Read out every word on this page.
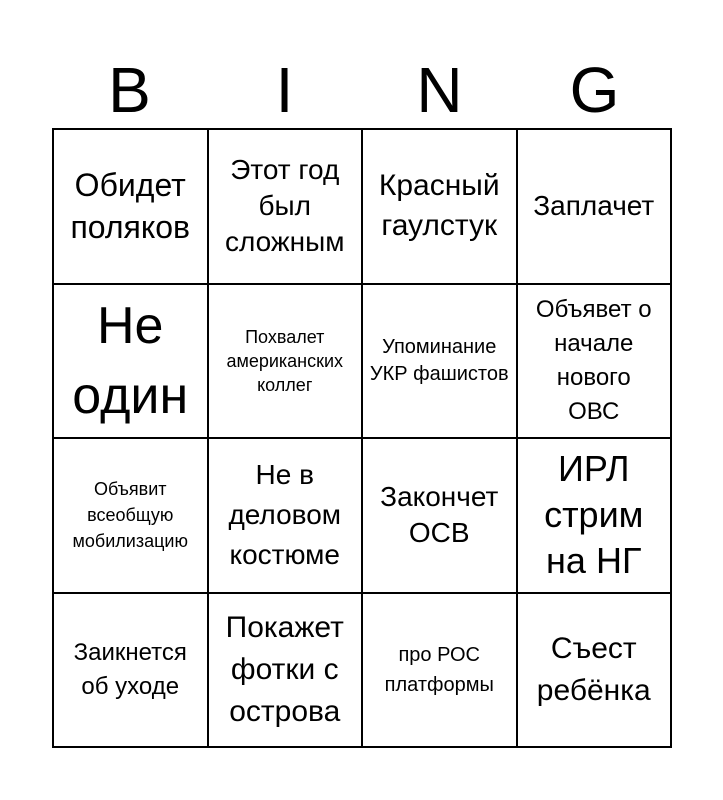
B	I	N	G
Обидет поляков
Этот год был сложным
Красный гаулстук
Заплачет
Не один
Похвалет американских коллег
Упоминание УКР фашистов
Объявет о начале нового ОВС
Объявит всеобщую мобилизацию
Не в деловом костюме
Закончет ОСВ
ИРЛ стрим на НГ
Заикнется об уходе
Покажет фотки с острова
про РОС платформы
Съест ребёнка
